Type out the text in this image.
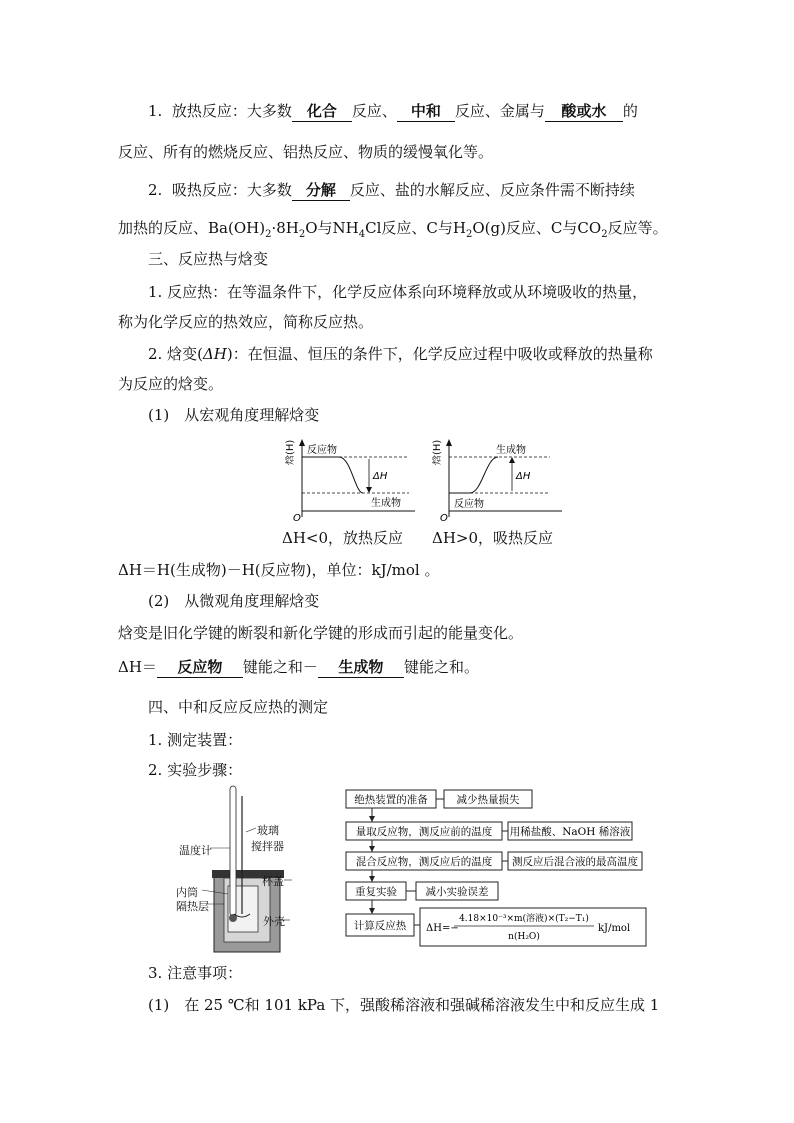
1. 放热反应：大多数 化合 反应、 中和 反应、金属与 酸或水 的
反应、所有的燃烧反应、铝热反应、物质的缓慢氧化等。
2. 吸热反应：大多数 分解 反应、盐的水解反应、反应条件需不断持续
加热的反应、$Ba(OH)_2\cdot 8H_2O$与$NH_4Cl$反应、C与$H_2O(g)$反应、C与$CO_2$反应等。
三、反应热与焓变
1. 反应热：在等温条件下，化学反应体系向环境释放或从环境吸收的热量，
称为化学反应的热效应，简称反应热。
2. 焓变(ΔH)：在恒温、恒压的条件下，化学反应过程中吸收或释放的热量称
为反应的焓变。
(1)　从宏观角度理解焓变
焓(H) 反应物
ΔH
生成物
O
焓(H)	生成物
ΔH
反应物
O
ΔH<0，放热反应 ΔH>0，吸热反应
ΔH＝H(生成物)－H(反应物)，单位：kJ/mol 。
(2)　从微观角度理解焓变
焓变是旧化学键的断裂和新化学键的形成而引起的能量变化。
ΔH＝ 反应物 键能之和－ 生成物 键能之和。
四、中和反应反应热的测定
1. 测定装置：
2. 实验步骤：
温度计
玻璃
搅拌器
杯盖
内筒
隔热层
外壳
绝热装置的准备	减少热量损失
量取反应物，测反应前的温度 用稀盐酸、NaOH 稀溶液
混合反应物，测反应后的温度 测反应后混合液的最高温度
重复实验	减小实验误差
计算反应热 ΔH=−
4.18×10⁻³×m(溶液)×(T₂−T₁)
n(H₂O)
kJ/mol
3. 注意事项：
(1)　在 25 ℃和 101 kPa 下，强酸稀溶液和强碱稀溶液发生中和反应生成 1
